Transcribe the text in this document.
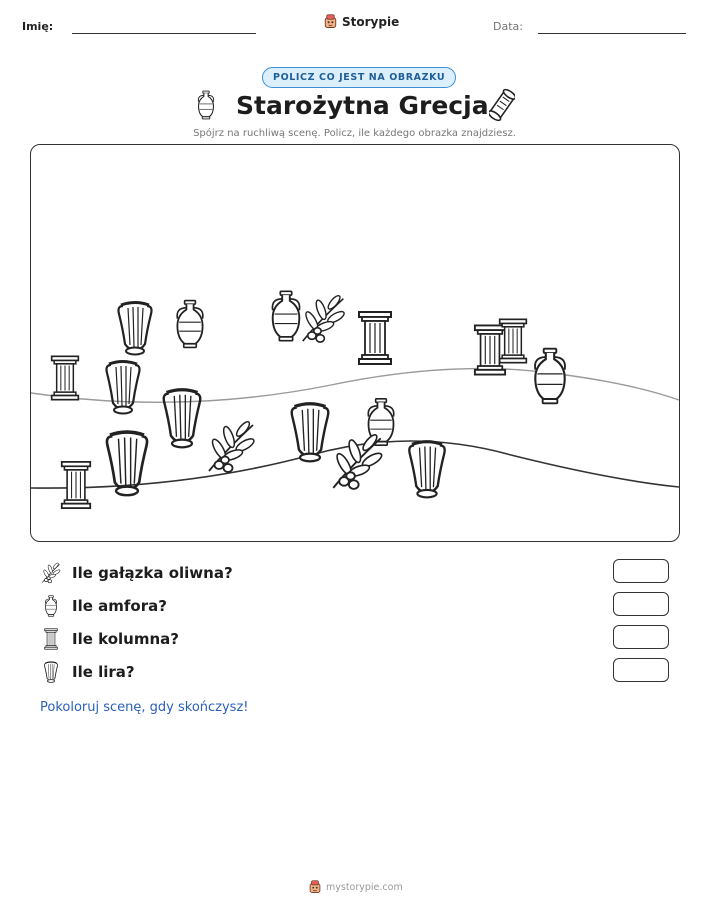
Imię:	Storypie	Data:
POLICZ CO JEST NA OBRAZKU
Starożytna Grecja
Spójrz na ruchliwą scenę. Policz, ile każdego obrazka znajdziesz.
Ile gałązka oliwna?
Ile amfora?
Ile kolumna?
Ile lira?
Pokoloruj scenę, gdy skończysz!
mystorypie.com
